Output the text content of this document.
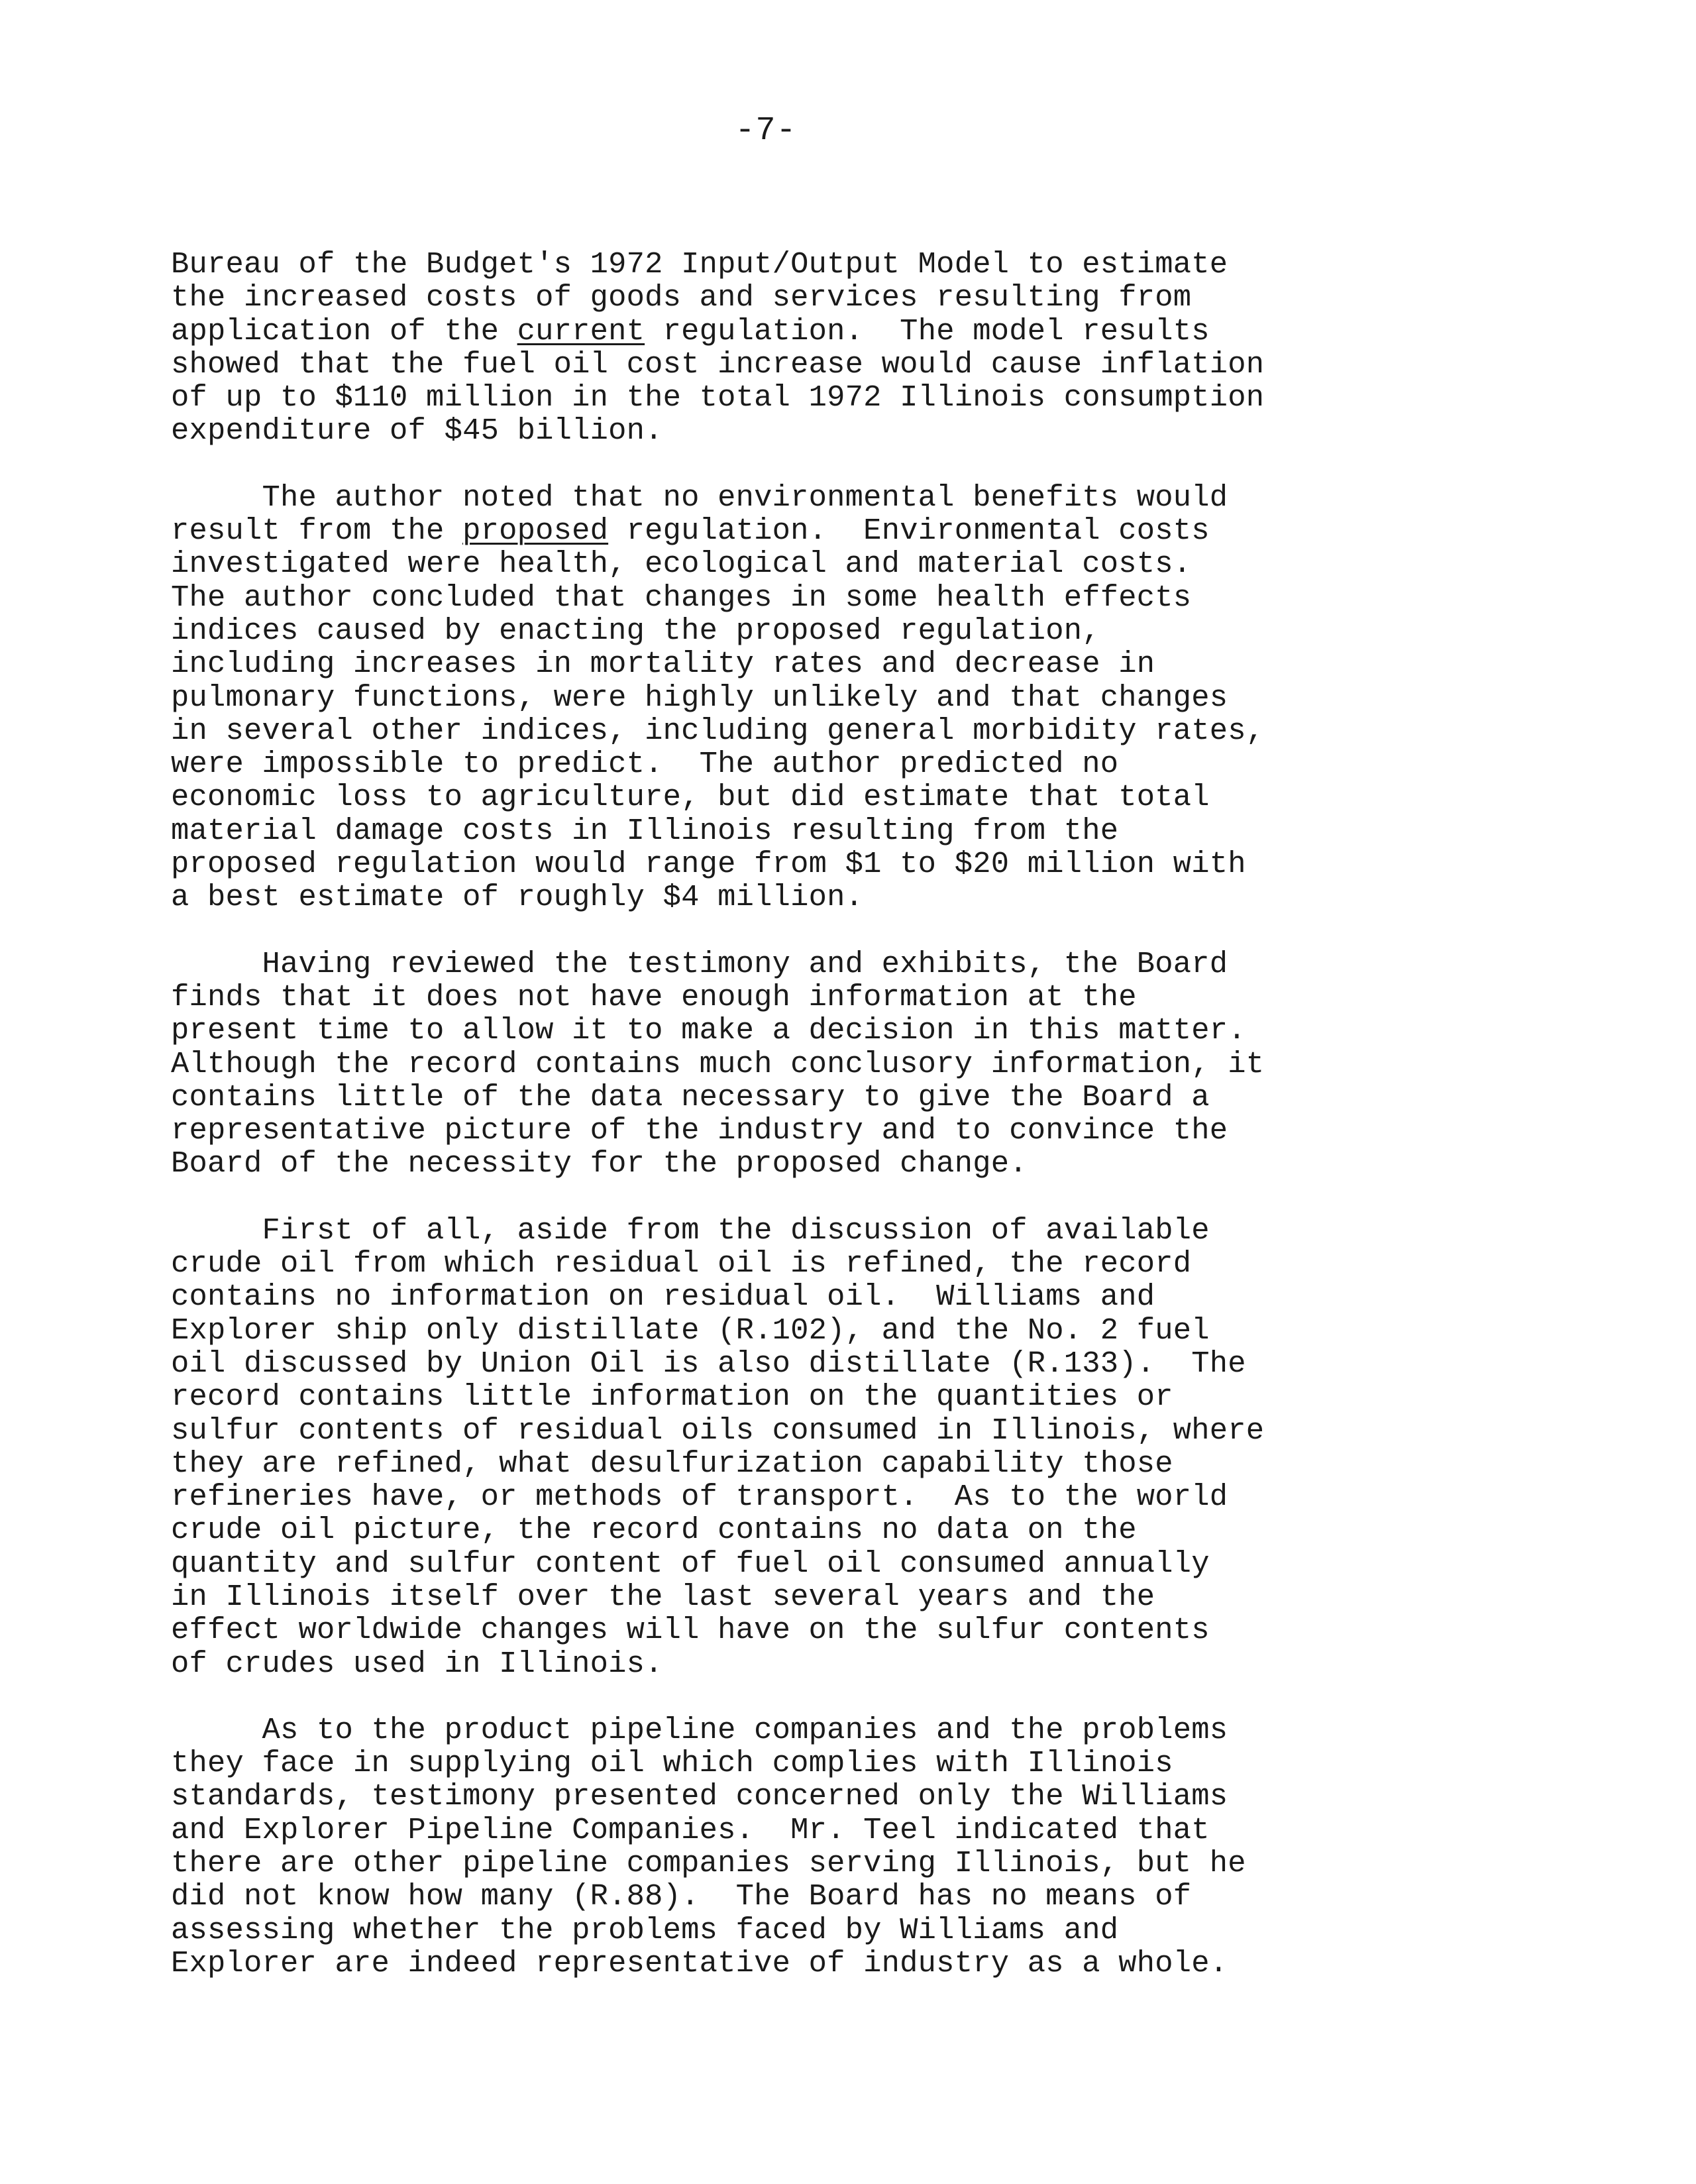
-7-
Bureau of the Budget's 1972 Input/Output Model to estimate
the increased costs of goods and services resulting from
application of the current regulation.  The model results
showed that the fuel oil cost increase would cause inflation
of up to $110 million in the total 1972 Illinois consumption
expenditure of $45 billion.
The author noted that no environmental benefits would
result from the proposed regulation.  Environmental costs
investigated were health, ecological and material costs.
The author concluded that changes in some health effects
indices caused by enacting the proposed regulation,
including increases in mortality rates and decrease in
pulmonary functions, were highly unlikely and that changes
in several other indices, including general morbidity rates,
were impossible to predict.  The author predicted no
economic loss to agriculture, but did estimate that total
material damage costs in Illinois resulting from the
proposed regulation would range from $1 to $20 million with
a best estimate of roughly $4 million.
Having reviewed the testimony and exhibits, the Board
finds that it does not have enough information at the
present time to allow it to make a decision in this matter.
Although the record contains much conclusory information, it
contains little of the data necessary to give the Board a
representative picture of the industry and to convince the
Board of the necessity for the proposed change.
First of all, aside from the discussion of available
crude oil from which residual oil is refined, the record
contains no information on residual oil.  Williams and
Explorer ship only distillate (R.102), and the No. 2 fuel
oil discussed by Union Oil is also distillate (R.133).  The
record contains little information on the quantities or
sulfur contents of residual oils consumed in Illinois, where
they are refined, what desulfurization capability those
refineries have, or methods of transport.  As to the world
crude oil picture, the record contains no data on the
quantity and sulfur content of fuel oil consumed annually
in Illinois itself over the last several years and the
effect worldwide changes will have on the sulfur contents
of crudes used in Illinois.
As to the product pipeline companies and the problems
they face in supplying oil which complies with Illinois
standards, testimony presented concerned only the Williams
and Explorer Pipeline Companies.  Mr. Teel indicated that
there are other pipeline companies serving Illinois, but he
did not know how many (R.88).  The Board has no means of
assessing whether the problems faced by Williams and
Explorer are indeed representative of industry as a whole.
